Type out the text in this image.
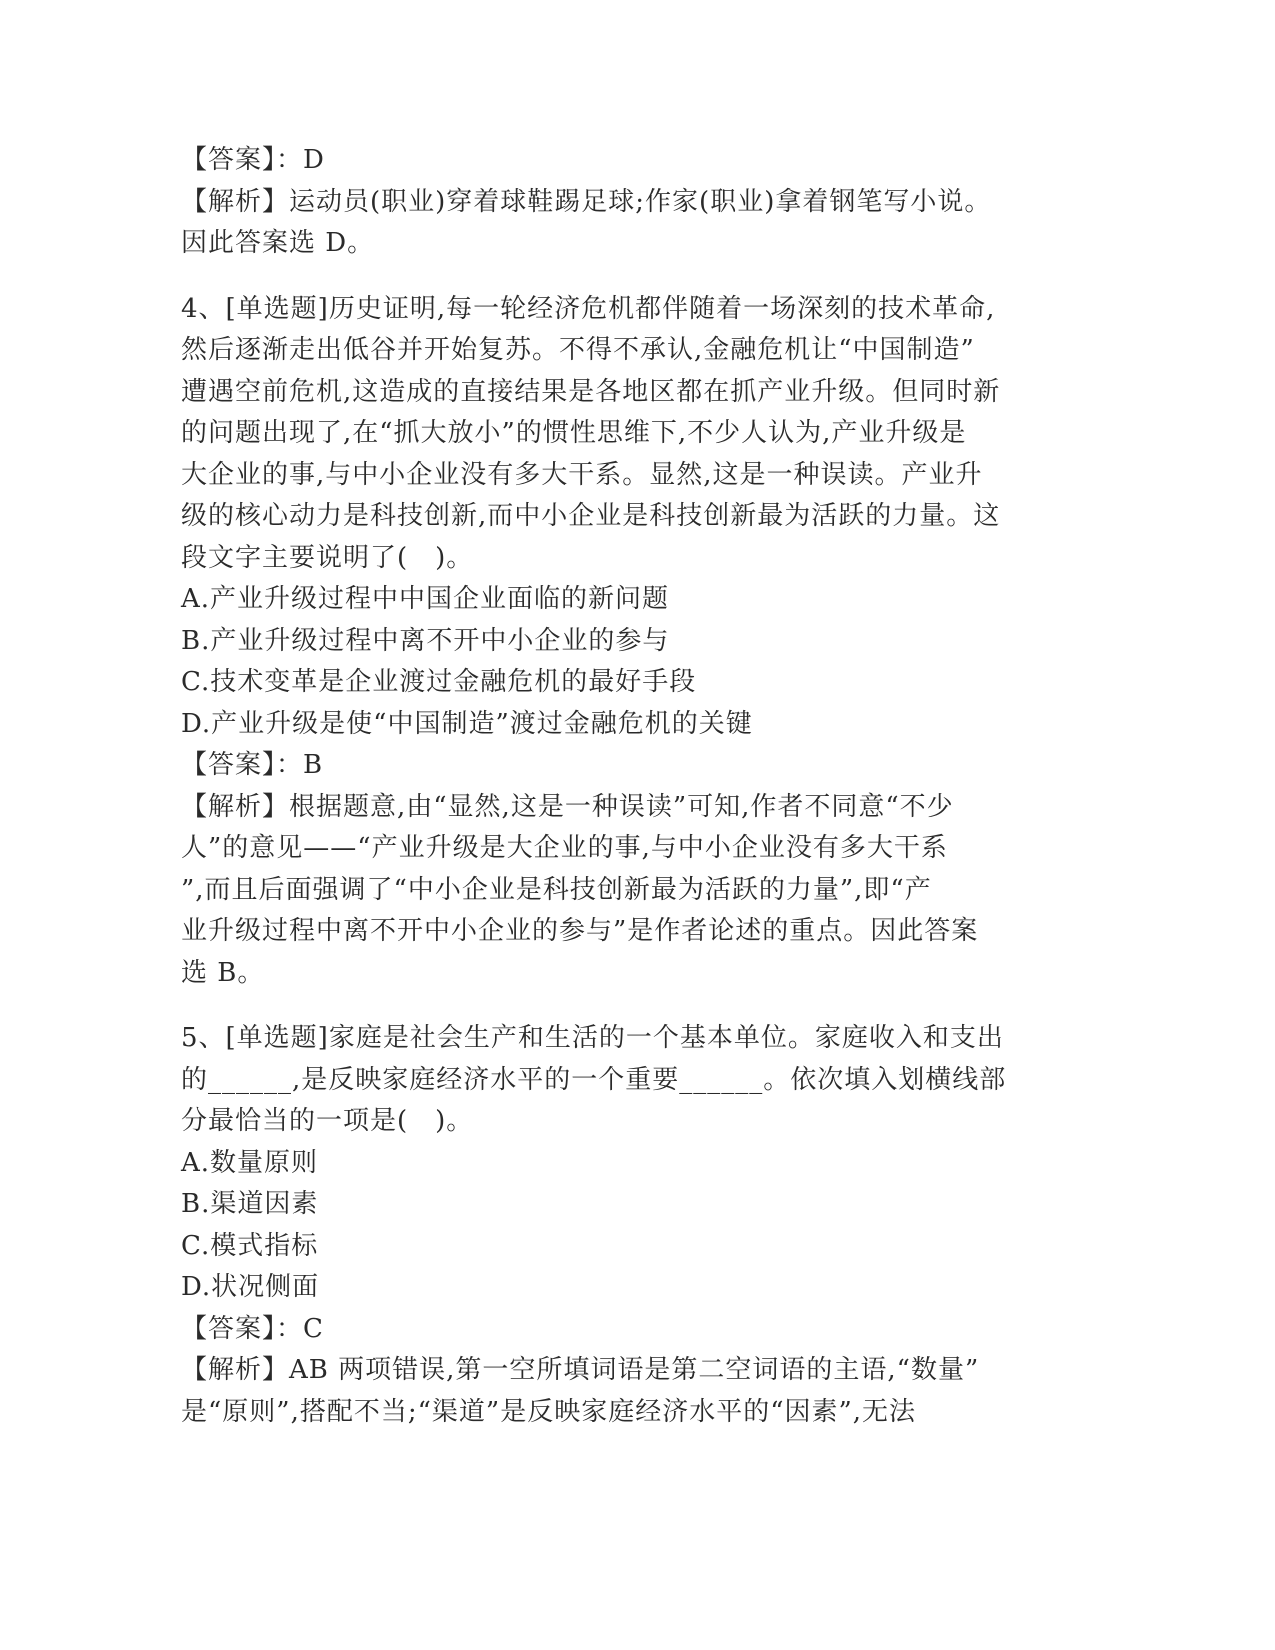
【答案】：D
【解析】运动员(职业)穿着球鞋踢足球;作家(职业)拿着钢笔写小说。
因此答案选 D。
4、[单选题]历史证明,每一轮经济危机都伴随着一场深刻的技术革命,
然后逐渐走出低谷并开始复苏。不得不承认,金融危机让“中国制造”
遭遇空前危机,这造成的直接结果是各地区都在抓产业升级。但同时新
的问题出现了,在“抓大放小”的惯性思维下,不少人认为,产业升级是
大企业的事,与中小企业没有多大干系。显然,这是一种误读。产业升
级的核心动力是科技创新,而中小企业是科技创新最为活跃的力量。这
段文字主要说明了(　)。
A.产业升级过程中中国企业面临的新问题
B.产业升级过程中离不开中小企业的参与
C.技术变革是企业渡过金融危机的最好手段
D.产业升级是使“中国制造”渡过金融危机的关键
【答案】：B
【解析】根据题意,由“显然,这是一种误读”可知,作者不同意“不少
人”的意见——“产业升级是大企业的事,与中小企业没有多大干系
”,而且后面强调了“中小企业是科技创新最为活跃的力量”,即“产
业升级过程中离不开中小企业的参与”是作者论述的重点。因此答案
选 B。
5、[单选题]家庭是社会生产和生活的一个基本单位。家庭收入和支出
的______,是反映家庭经济水平的一个重要______。依次填入划横线部
分最恰当的一项是(　)。
A.数量原则
B.渠道因素
C.模式指标
D.状况侧面
【答案】：C
【解析】AB 两项错误,第一空所填词语是第二空词语的主语,“数量”
是“原则”,搭配不当;“渠道”是反映家庭经济水平的“因素”,无法
